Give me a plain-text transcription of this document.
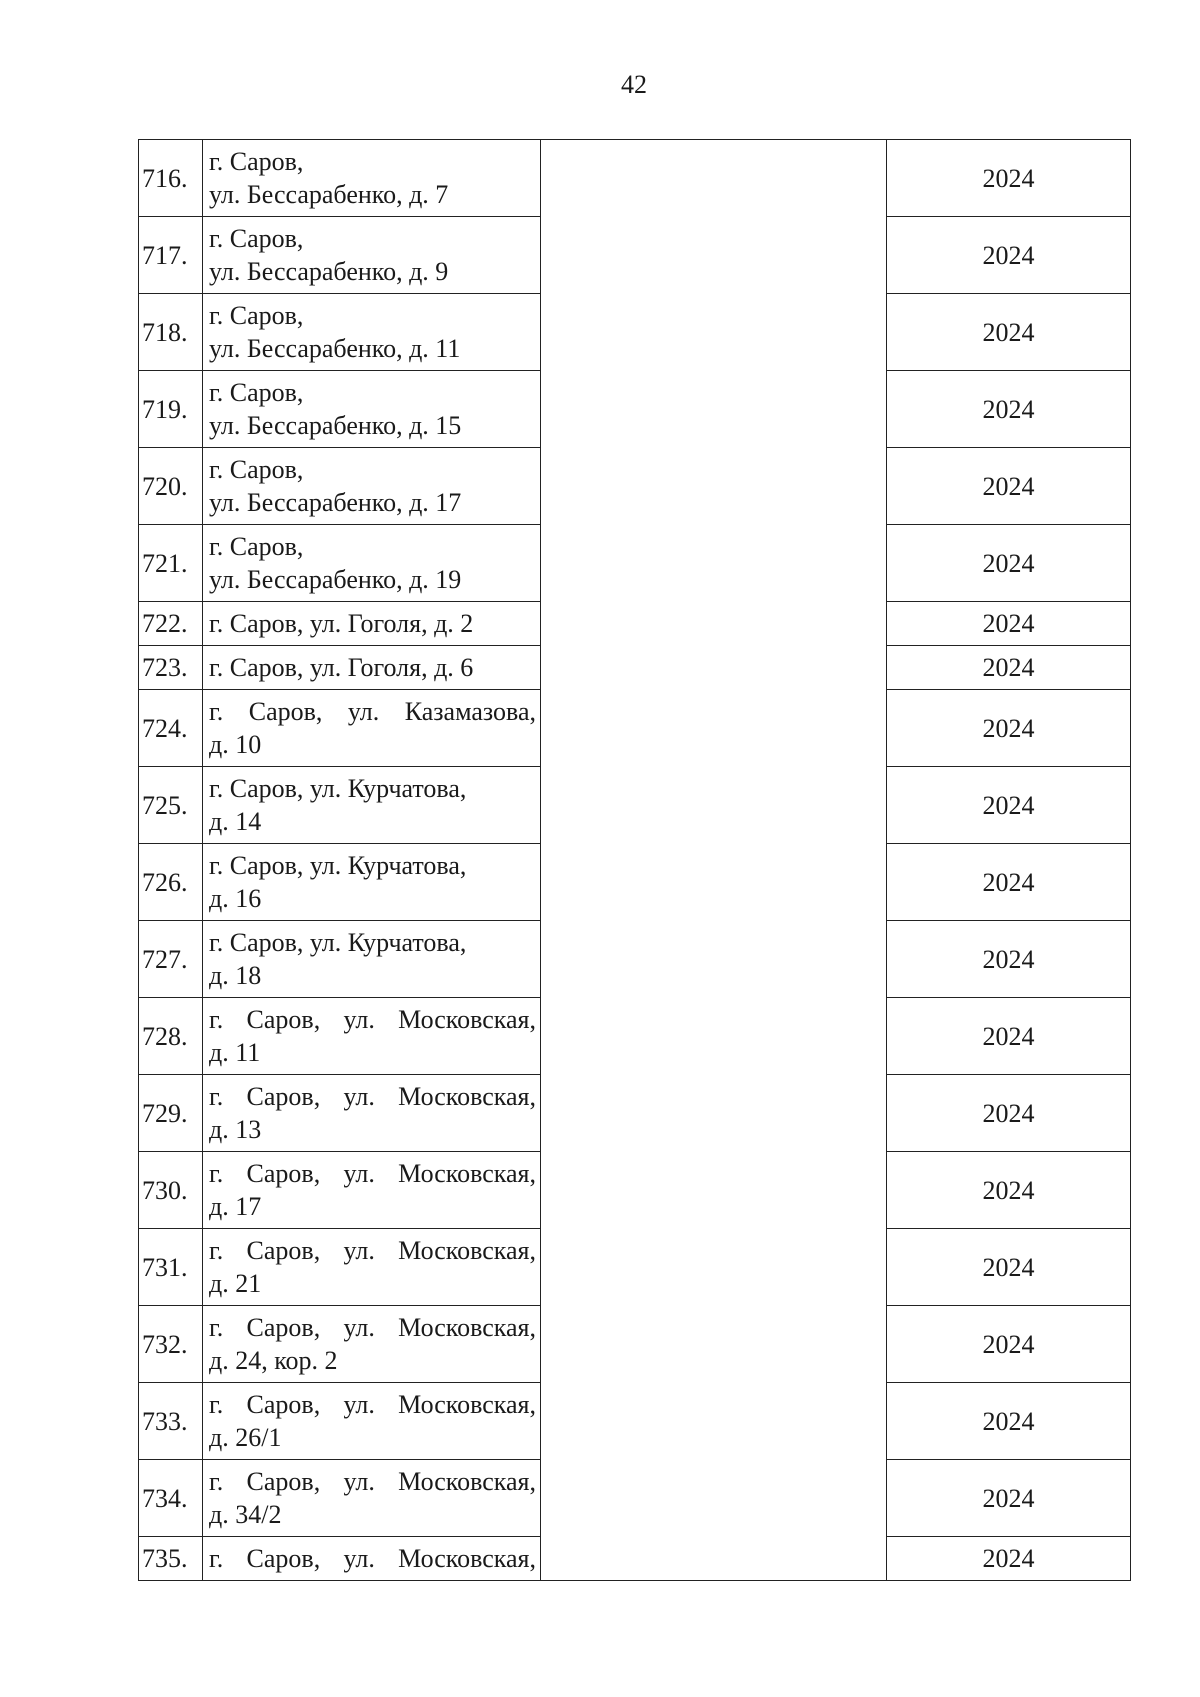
42
716.	г. Саров,
ул. Бессарабенко, д. 7		2024
717.	г. Саров,
ул. Бессарабенко, д. 9		2024
718.	г. Саров,
ул. Бессарабенко, д. 11		2024
719.	г. Саров,
ул. Бессарабенко, д. 15		2024
720.	г. Саров,
ул. Бессарабенко, д. 17		2024
721.	г. Саров,
ул. Бессарабенко, д. 19		2024
722.	г. Саров, ул. Гоголя, д. 2		2024
723.	г. Саров, ул. Гоголя, д. 6		2024
724.	г. Саров, ул. Казамазова,
д. 10		2024
725.	г. Саров, ул. Курчатова,
д. 14		2024
726.	г. Саров, ул. Курчатова,
д. 16		2024
727.	г. Саров, ул. Курчатова,
д. 18		2024
728.	г. Саров, ул. Московская,
д. 11		2024
729.	г. Саров, ул. Московская,
д. 13		2024
730.	г. Саров, ул. Московская,
д. 17		2024
731.	г. Саров, ул. Московская,
д. 21		2024
732.	г. Саров, ул. Московская,
д. 24, кор. 2		2024
733.	г. Саров, ул. Московская,
д. 26/1		2024
734.	г. Саров, ул. Московская,
д. 34/2		2024
735.	г. Саров, ул. Московская,		2024
